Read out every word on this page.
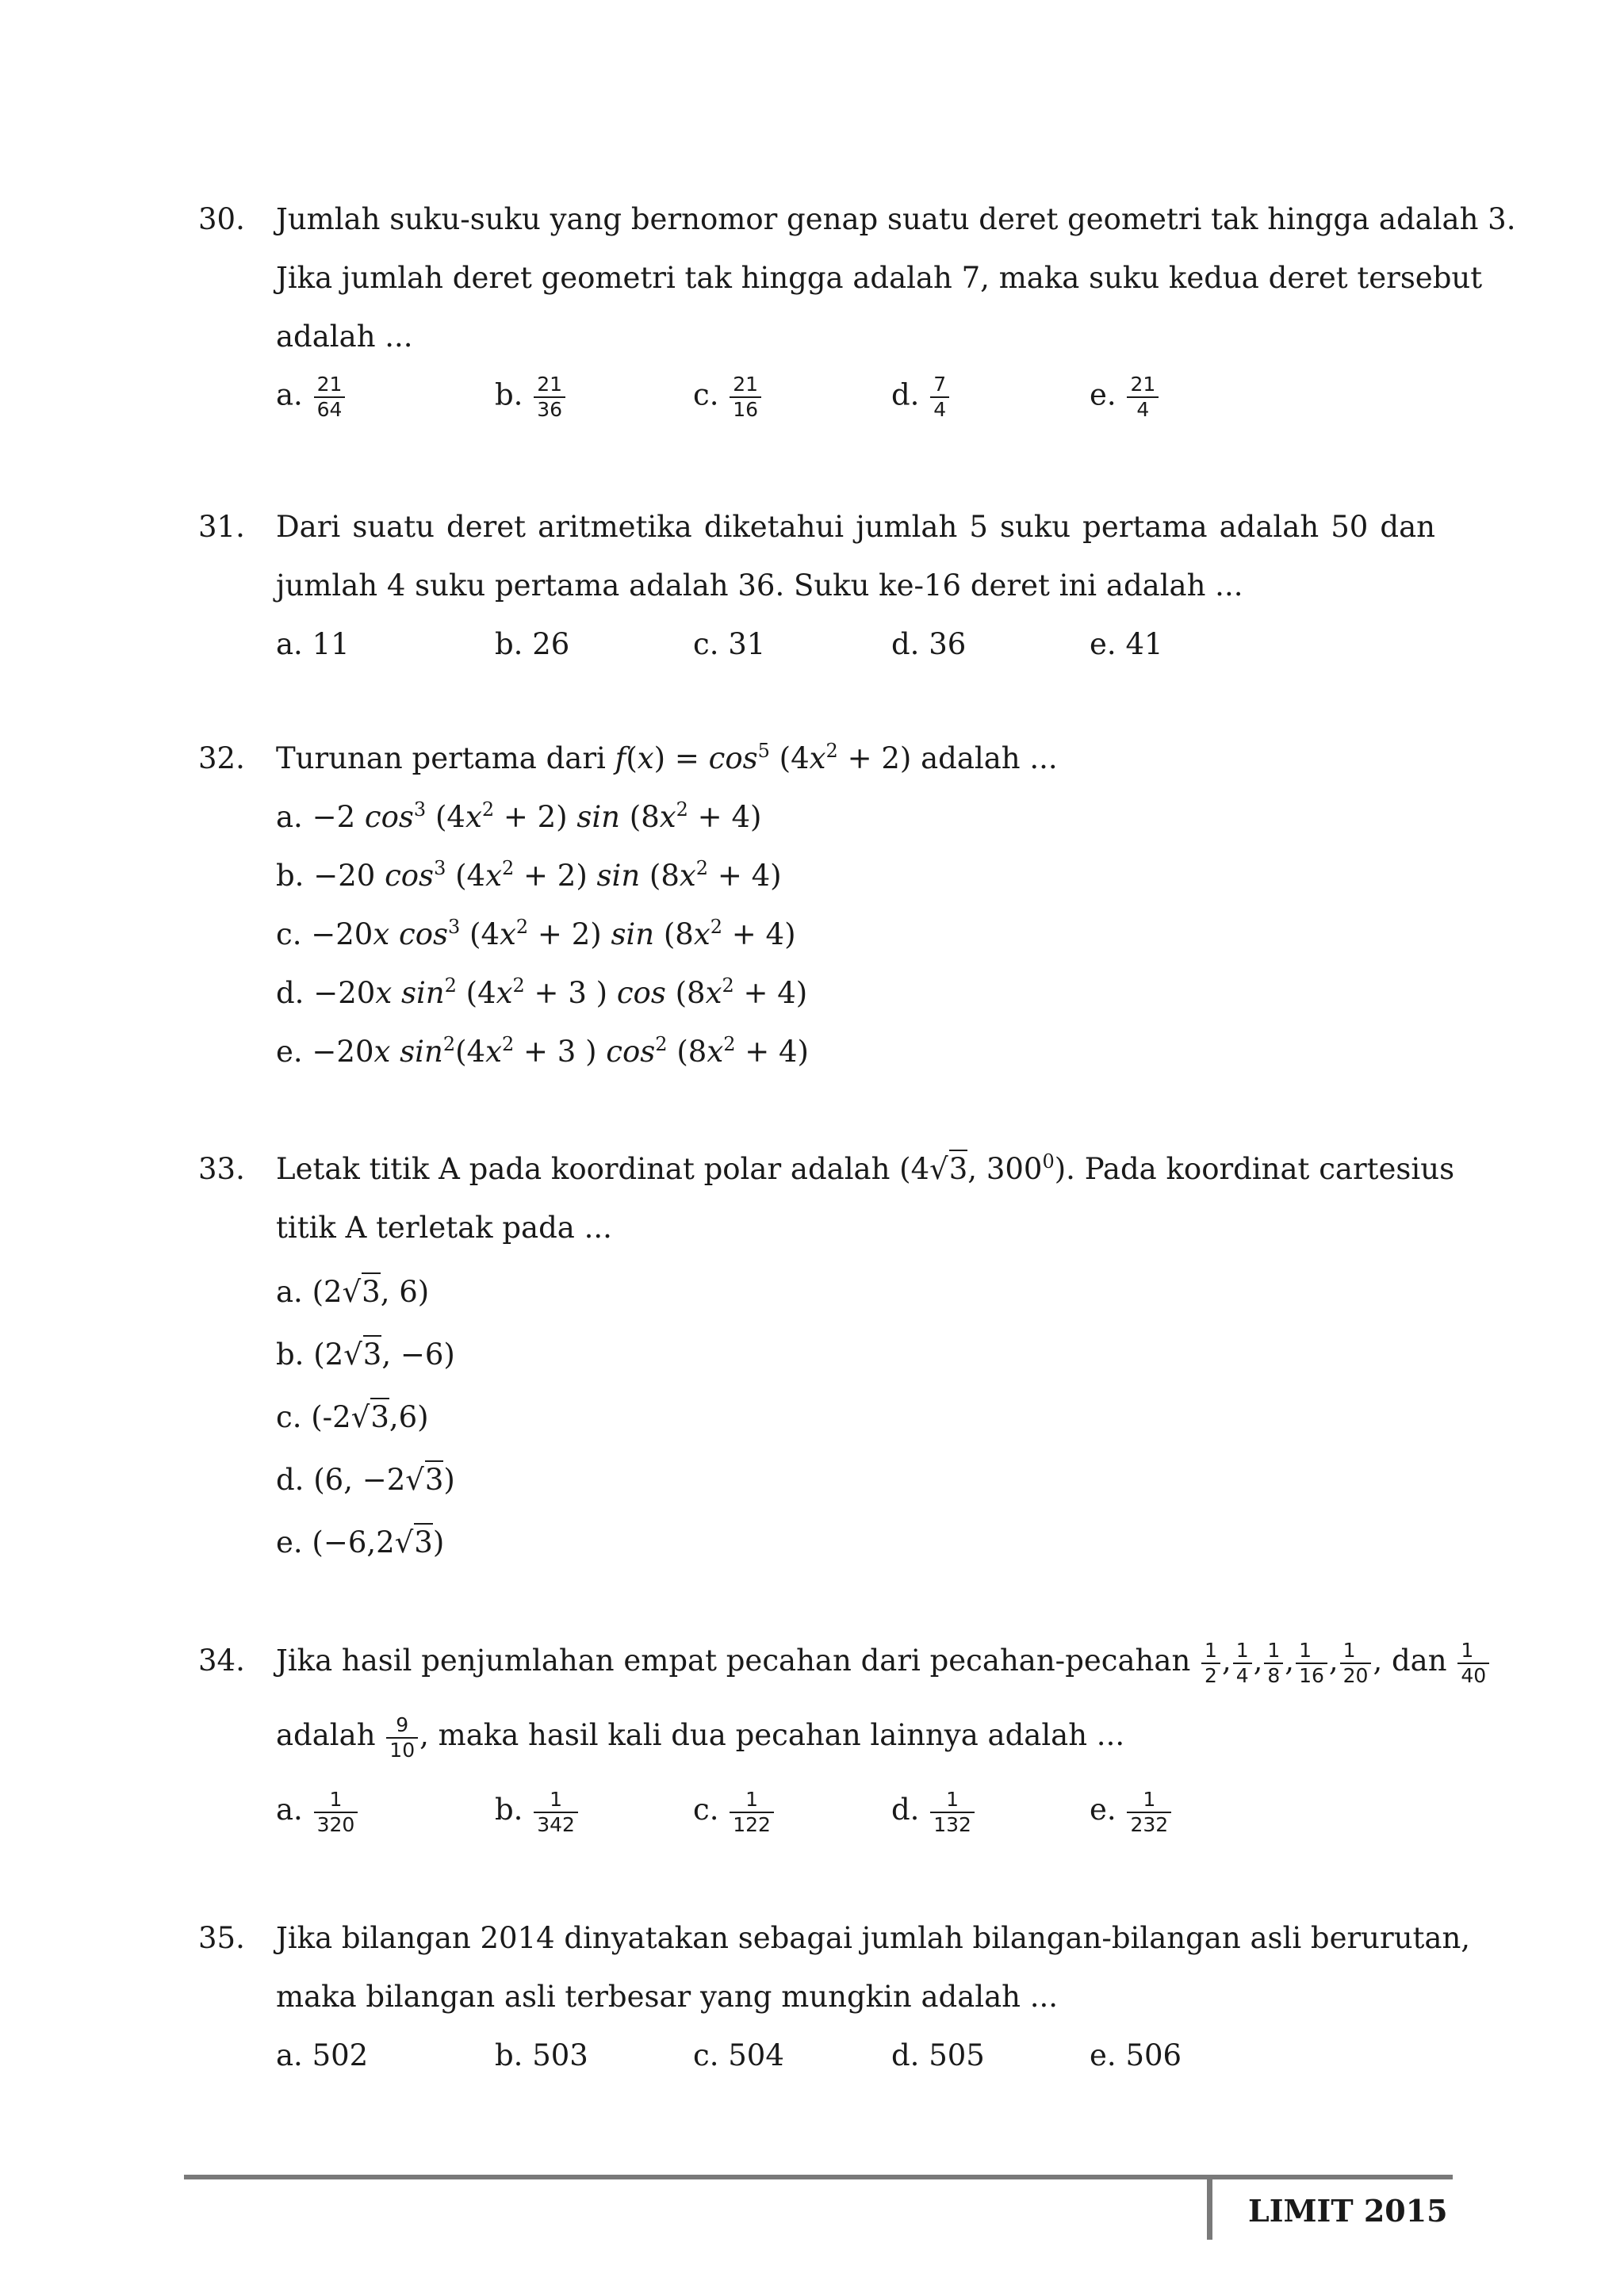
30. Jumlah suku-suku yang bernomor genap suatu deret geometri tak hingga adalah 3.
Jika jumlah deret geometri tak hingga adalah 7, maka suku kedua deret tersebut
adalah ...
a. $\frac{21}{64}$	b. $\frac{21}{36}$	c. $\frac{21}{16}$	d. $\frac{7}{4}$	e. $\frac{21}{4}$
31. Dari suatu deret aritmetika diketahui jumlah 5 suku pertama adalah 50 dan
jumlah 4 suku pertama adalah 36. Suku ke-16 deret ini adalah ...
a. 11	b. 26	c. 31	d. 36	e. 41
32. Turunan pertama dari $f(x) = \cos^5 (4x^2 + 2)$ adalah ...
a. −2 $\cos^3 (4x^2 + 2)$ $\sin (8x^2 + 4)$
b. −20 $\cos^3 (4x^2 + 2)$ $\sin (8x^2 + 4)$
c. −20x $\cos^3 (4x^2 + 2)$ $\sin (8x^2 + 4)$
d. −20x $\sin^2 (4x^2 + 3$ ) $\cos (8x^2 + 4)$
e. −20x $\sin^2(4x^2 + 3$ ) $\cos^2 (8x^2 + 4)$
33. Letak titik A pada koordinat polar adalah (4√3, $300^0$). Pada koordinat cartesius
titik A terletak pada ...
a. (2√3, 6)
b. (2√3, −6)
c. (-2√3,6)
d. (6, −2√3)
e. (−6,2√3)
34. Jika hasil penjumlahan empat pecahan dari pecahan-pecahan $\frac{1}{2}$ , $\frac{1}{4}$ , $\frac{1}{8}$ , $\frac{1}{16}$ , $\frac{1}{20}$ , dan $\frac{1}{40}$
adalah $\frac{9}{10}$ , maka hasil kali dua pecahan lainnya adalah ...
a. $\frac{1}{320}$	b. $\frac{1}{342}$	c. $\frac{1}{122}$	d. $\frac{1}{132}$	e. $\frac{1}{232}$
35. Jika bilangan 2014 dinyatakan sebagai jumlah bilangan-bilangan asli berurutan,
maka bilangan asli terbesar yang mungkin adalah ...
a. 502	b. 503	c. 504	d. 505	e. 506
LIMIT 2015
